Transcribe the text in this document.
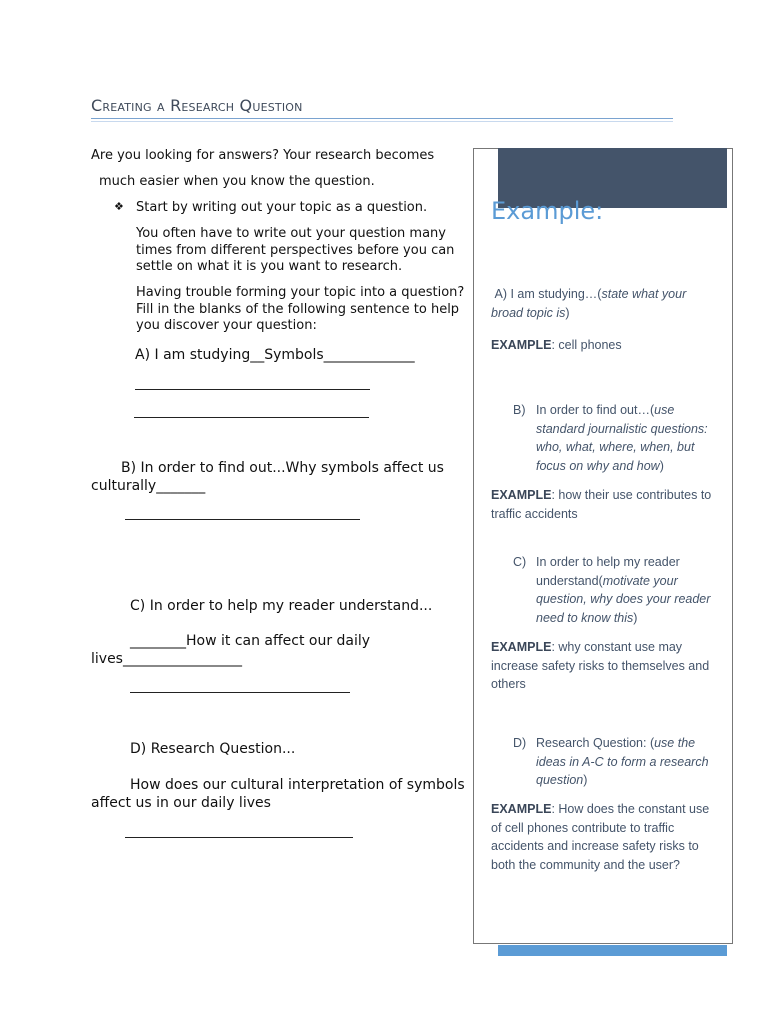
Creating a Research Question
Are you looking for answers? Your research becomes
much easier when you know the question.
❖ Start by writing out your topic as a question.
You often have to write out your question many
times from different perspectives before you can
settle on what it is you want to research.
Having trouble forming your topic into a question?
Fill in the blanks of the following sentence to help
you discover your question:
A) I am studying__Symbols_____________
B) In order to find out...Why symbols affect us
culturally_______
C) In order to help my reader understand...
________How it can affect our daily
lives_________________
D) Research Question...
How does our cultural interpretation of symbols
affect us in our daily lives
Example:
A) I am studying…(state what your broad topic is)
EXAMPLE: cell phones
B) In order to find out…(use standard journalistic questions: who, what, where, when, but focus on why and how)
EXAMPLE: how their use contributes to traffic accidents
C) In order to help my reader understand(motivate your question, why does your reader need to know this)
EXAMPLE: why constant use may increase safety risks to themselves and others
D) Research Question: (use the ideas in A-C to form a research question)
EXAMPLE: How does the constant use of cell phones contribute to traffic accidents and increase safety risks to both the community and the user?
